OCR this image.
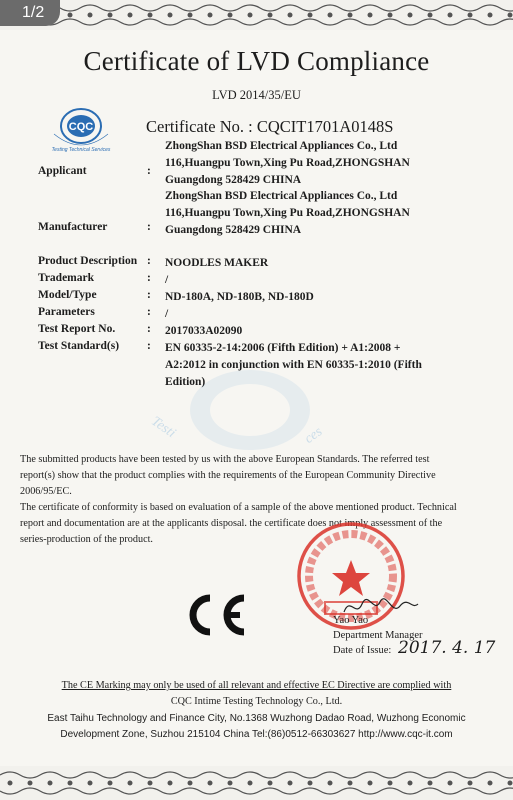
1/2
Certificate of LVD Compliance
LVD 2014/35/EU
CQC
Testing Technical Services
Certificate No. : CQCIT1701A0148S
Applicant	:
ZhongShan BSD Electrical Appliances Co., Ltd
116,Huangpu Town,Xing Pu Road,ZHONGSHAN
Guangdong 528429 CHINA
Manufacturer	:
ZhongShan BSD Electrical Appliances Co., Ltd
116,Huangpu Town,Xing Pu Road,ZHONGSHAN
Guangdong 528429 CHINA
Product Description : NOODLES MAKER
Trademark	: /
Model/Type	: ND-180A, ND-180B, ND-180D
Parameters	: /
Test Report No.	: 2017033A02090
Test Standard(s) : EN 60335-2-14:2006 (Fifth Edition) + A1:2008 +
A2:2012 in conjunction with EN 60335-1:2010 (Fifth
Edition)
Testi	ces
The submitted products have been tested by us with the above European Standards. The referred test
report(s) show that the product complies with the requirements of the European Community Directive
2006/95/EC.
The certificate of conformity is based on evaluation of a sample of the above mentioned product. Technical
report and documentation are at the applicants disposal. the certificate does not imply assessment of the
series-production of the product.
Yao Yao
Department Manager
Date of Issue: 2017. 4. 17
The CE Marking may only be used of all relevant and effective EC Directive are complied with
CQC Intime Testing Technology Co., Ltd.
East Taihu Technology and Finance City, No.1368 Wuzhong Dadao Road, Wuzhong Economic
Development Zone, Suzhou 215104 China Tel:(86)0512-66303627 http://www.cqc-it.com
